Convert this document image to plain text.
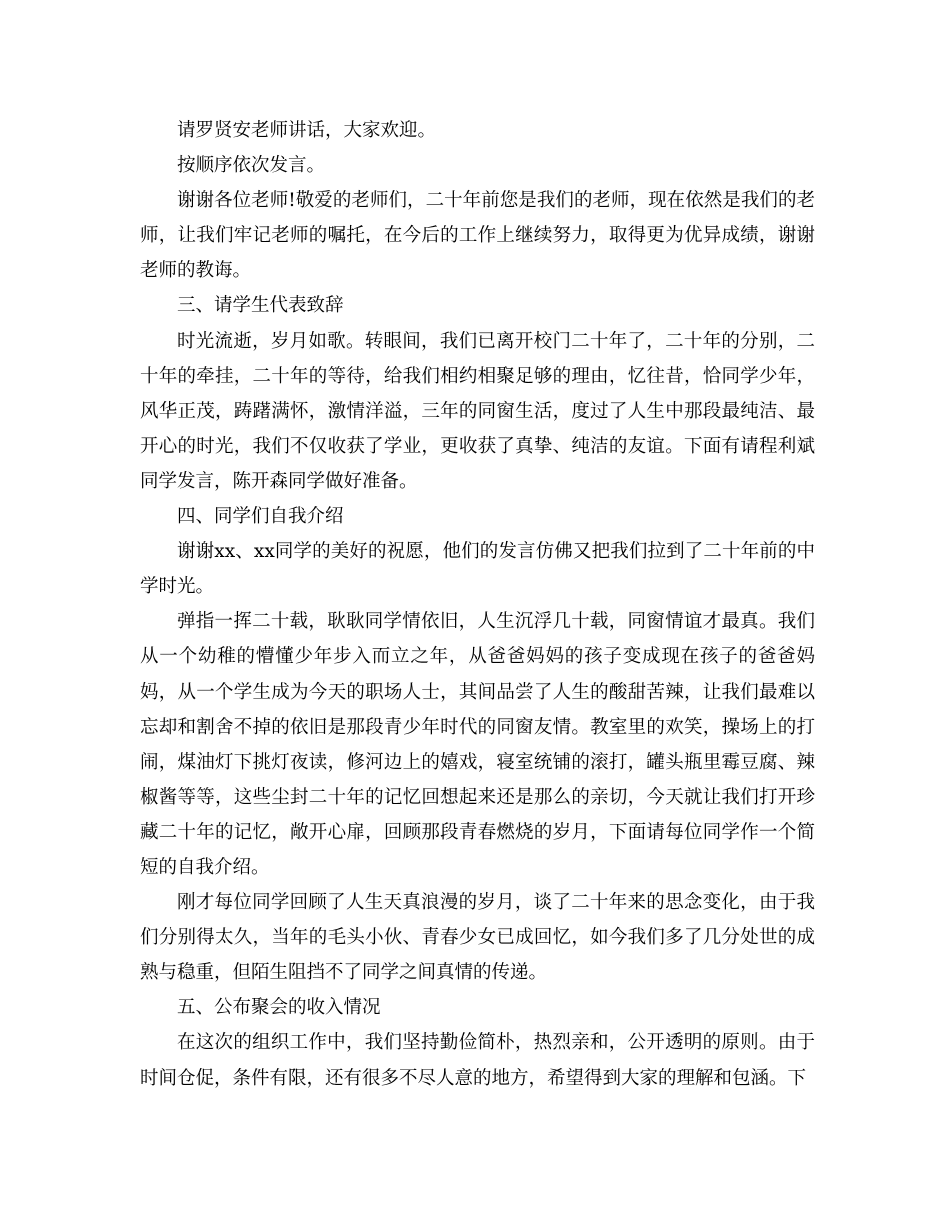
请罗贤安老师讲话，大家欢迎。

按顺序依次发言。

谢谢各位老师!敬爱的老师们，二十年前您是我们的老师，现在依然是我们的老师，让我们牢记老师的嘱托，在今后的工作上继续努力，取得更为优异成绩，谢谢老师的教诲。

三、请学生代表致辞

时光流逝，岁月如歌。转眼间，我们已离开校门二十年了，二十年的分别，二十年的牵挂，二十年的等待，给我们相约相聚足够的理由，忆往昔，恰同学少年，风华正茂，踌躇满怀，激情洋溢，三年的同窗生活，度过了人生中那段最纯洁、最开心的时光，我们不仅收获了学业，更收获了真挚、纯洁的友谊。下面有请程利斌同学发言，陈开森同学做好准备。

四、同学们自我介绍

谢谢xx、xx同学的美好的祝愿，他们的发言仿佛又把我们拉到了二十年前的中学时光。

弹指一挥二十载，耿耿同学情依旧，人生沉浮几十载，同窗情谊才最真。我们从一个幼稚的懵懂少年步入而立之年，从爸爸妈妈的孩子变成现在孩子的爸爸妈妈，从一个学生成为今天的职场人士，其间品尝了人生的酸甜苦辣，让我们最难以忘却和割舍不掉的依旧是那段青少年时代的同窗友情。教室里的欢笑，操场上的打闹，煤油灯下挑灯夜读，修河边上的嬉戏，寝室统铺的滚打，罐头瓶里霉豆腐、辣椒酱等等，这些尘封二十年的记忆回想起来还是那么的亲切，今天就让我们打开珍藏二十年的记忆，敞开心扉，回顾那段青春燃烧的岁月，下面请每位同学作一个简短的自我介绍。

刚才每位同学回顾了人生天真浪漫的岁月，谈了二十年来的思念变化，由于我们分别得太久，当年的毛头小伙、青春少女已成回忆，如今我们多了几分处世的成熟与稳重，但陌生阻挡不了同学之间真情的传递。

五、公布聚会的收入情况

在这次的组织工作中，我们坚持勤俭简朴，热烈亲和，公开透明的原则。由于时间仓促，条件有限，还有很多不尽人意的地方，希望得到大家的理解和包涵。下
